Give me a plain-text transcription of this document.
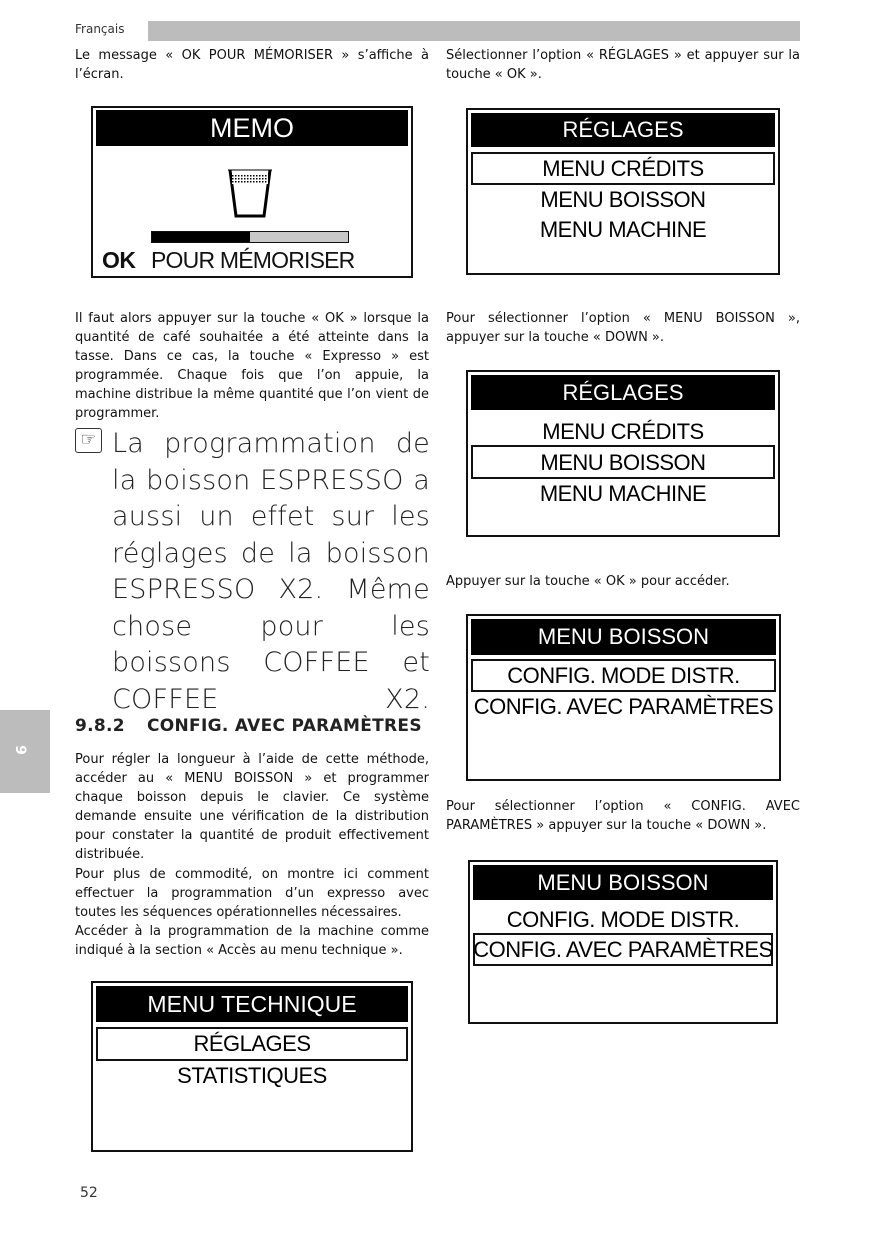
Français
Le message « OK POUR MÉMORISER » s’affiche à l’écran.
MEMO
OK POUR MÉMORISER
Il faut alors appuyer sur la touche « OK » lorsque la quantité de café souhaitée a été atteinte dans la tasse. Dans ce cas, la touche « Expresso » est programmée. Chaque fois que l’on appuie, la machine distribue la même quantité que l’on vient de programmer.
☞ La programmation de la boisson ESPRESSO a aussi un effet sur les réglages de la boisson ESPRESSO X2. Même chose pour les boissons COFFEE et COFFEE X2.
9
9.8.2 CONFIG. AVEC PARAMÈTRES
Pour régler la longueur à l’aide de cette méthode, accéder au « MENU BOISSON » et programmer chaque boisson depuis le clavier. Ce système demande ensuite une vérification de la distribution pour constater la quantité de produit effectivement distribuée.
Pour plus de commodité, on montre ici comment effectuer la programmation d’un expresso avec toutes les séquences opérationnelles nécessaires.
Accéder à la programmation de la machine comme indiqué à la section « Accès au menu technique ».
MENU TECHNIQUE
RÉGLAGES
STATISTIQUES
52
Sélectionner l’option « RÉGLAGES » et appuyer sur la touche « OK ».
RÉGLAGES
MENU CRÉDITS
MENU BOISSON
MENU MACHINE
Pour sélectionner l’option « MENU BOISSON », appuyer sur la touche « DOWN ».
RÉGLAGES
MENU CRÉDITS
MENU BOISSON
MENU MACHINE
Appuyer sur la touche « OK » pour accéder.
MENU BOISSON
CONFIG. MODE DISTR.
CONFIG. AVEC PARAMÈTRES
Pour sélectionner l’option « CONFIG. AVEC PARAMÈTRES » appuyer sur la touche « DOWN ».
MENU BOISSON
CONFIG. MODE DISTR.
CONFIG. AVEC PARAMÈTRES
